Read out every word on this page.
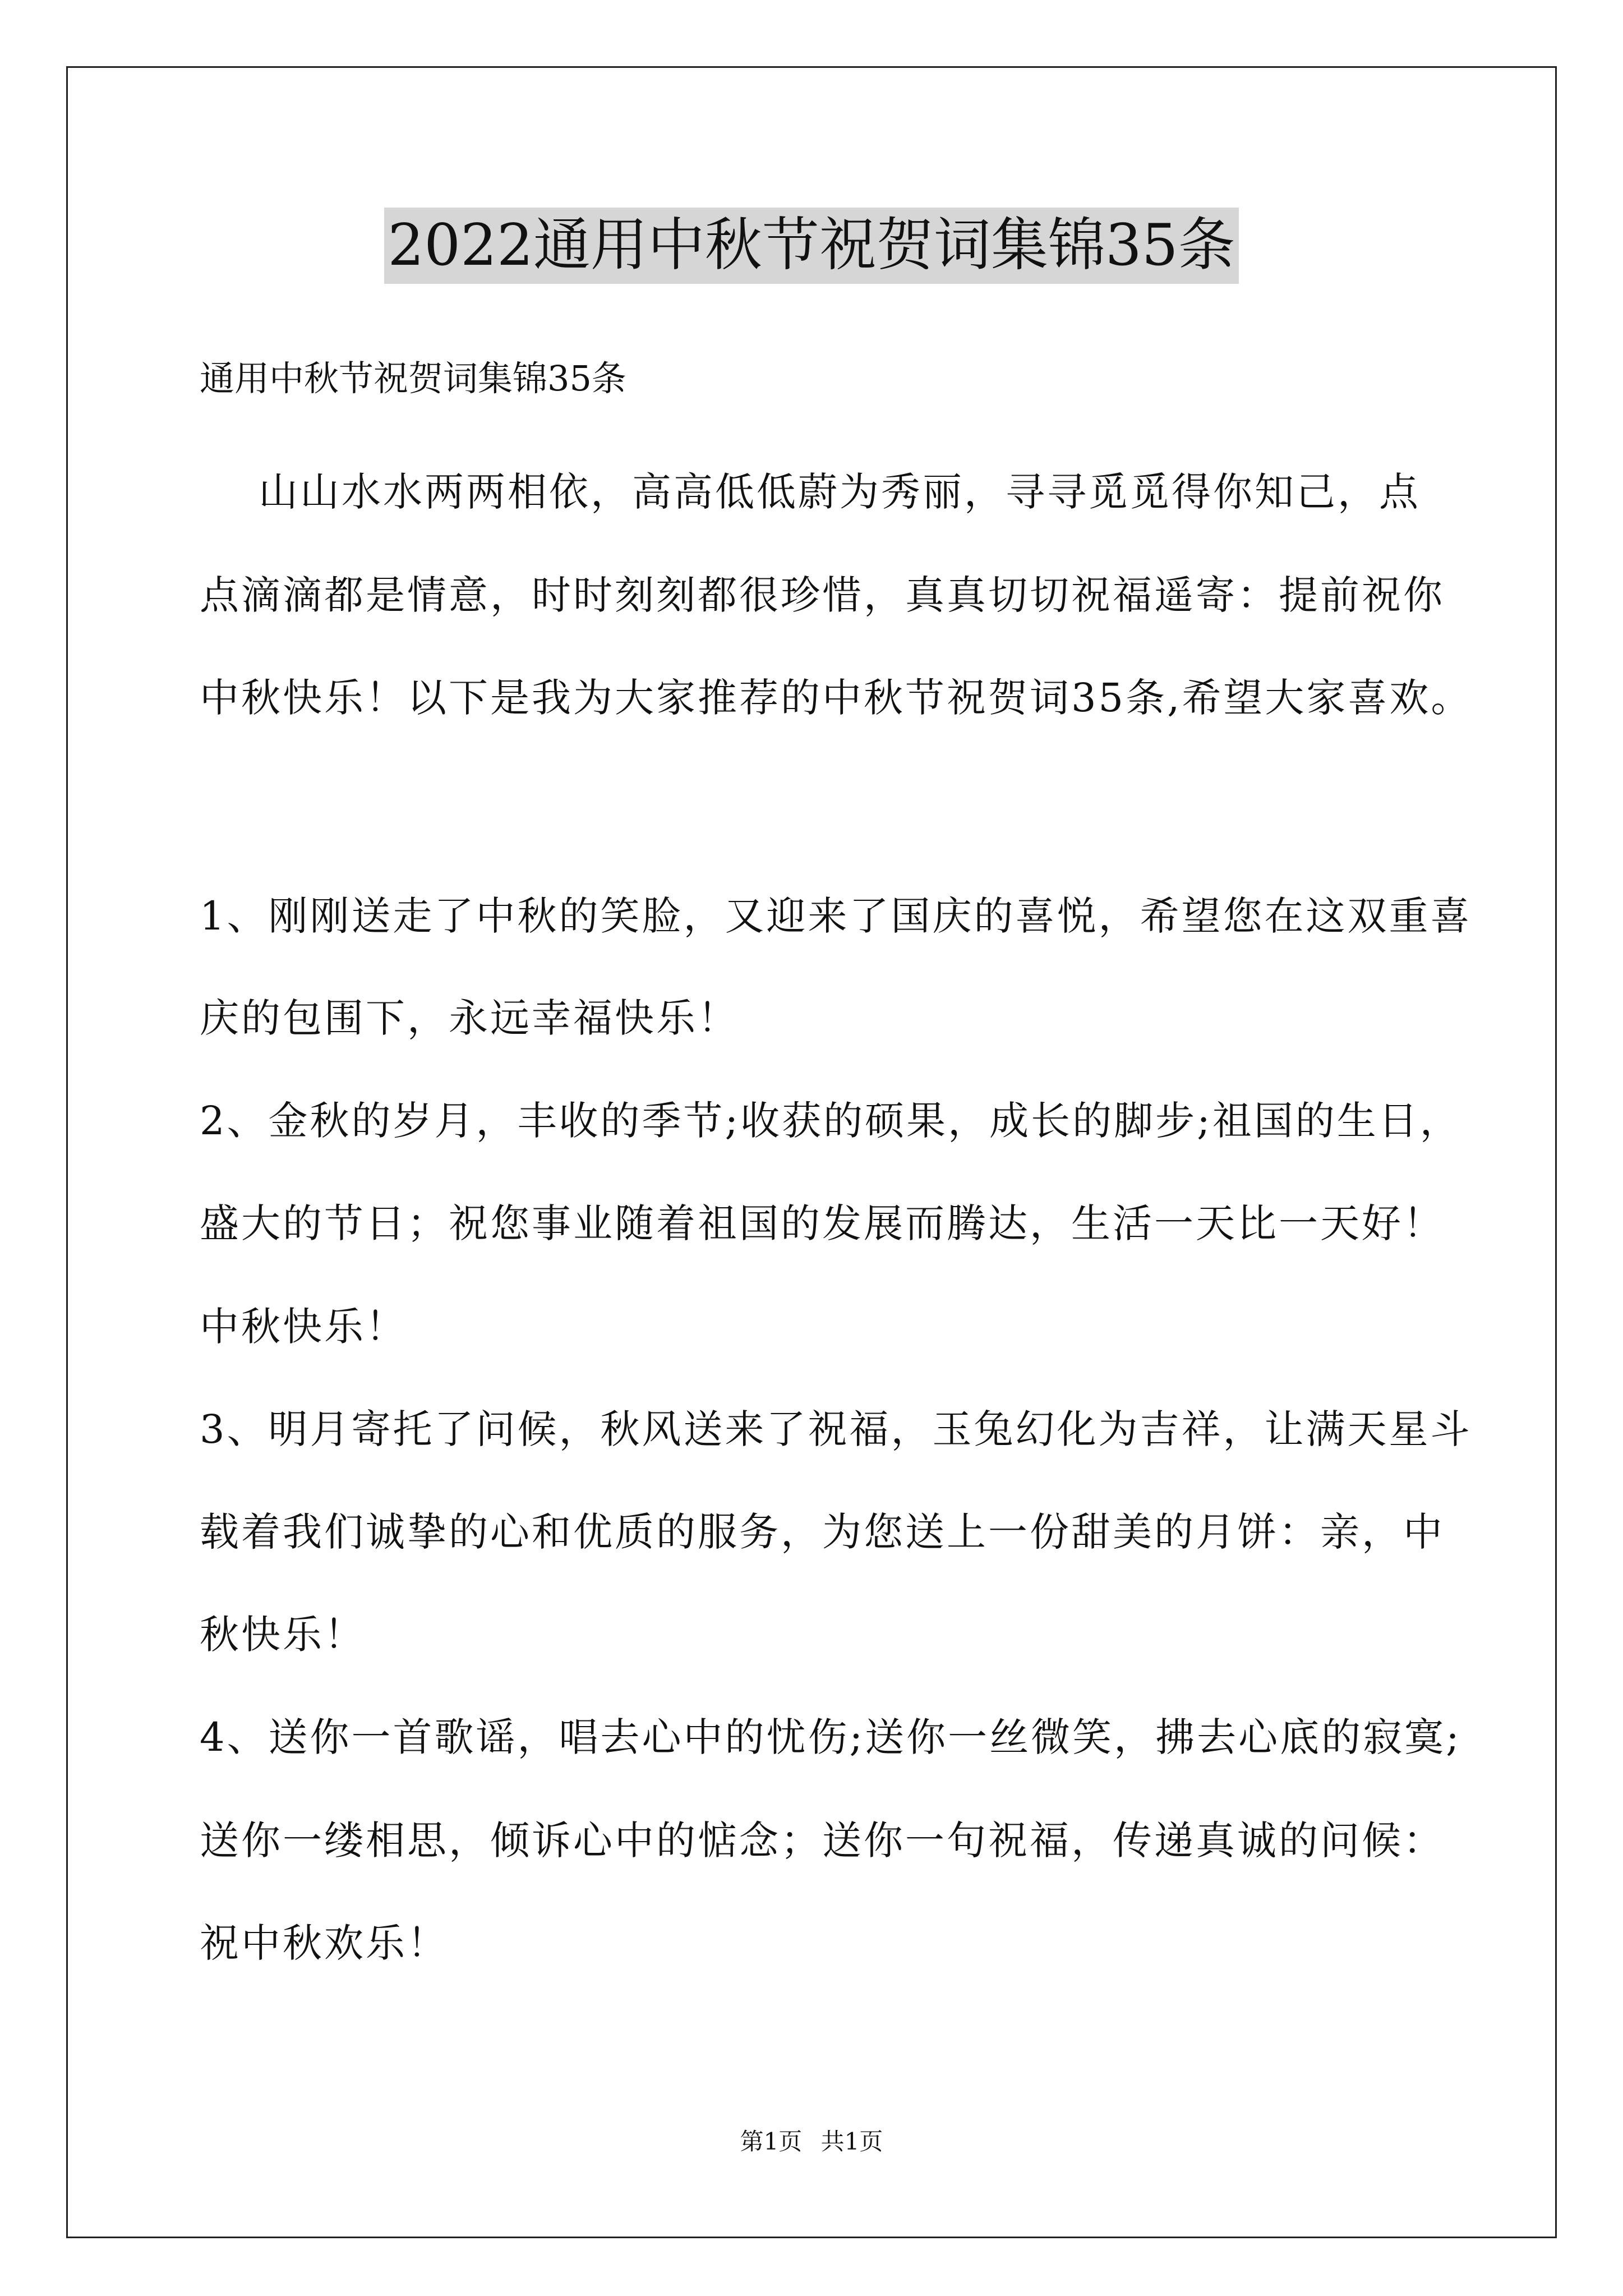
2022通用中秋节祝贺词集锦35条
通用中秋节祝贺词集锦35条
山山水水两两相依，高高低低蔚为秀丽，寻寻觅觅得你知己，点
点滴滴都是情意，时时刻刻都很珍惜，真真切切祝福遥寄：提前祝你
中秋快乐！以下是我为大家推荐的中秋节祝贺词35条,希望大家喜欢。
1、刚刚送走了中秋的笑脸，又迎来了国庆的喜悦，希望您在这双重喜
庆的包围下，永远幸福快乐！
2、金秋的岁月，丰收的季节;收获的硕果，成长的脚步;祖国的生日，
盛大的节日；祝您事业随着祖国的发展而腾达，生活一天比一天好！
中秋快乐！
3、明月寄托了问候，秋风送来了祝福，玉兔幻化为吉祥，让满天星斗
载着我们诚挚的心和优质的服务，为您送上一份甜美的月饼：亲，中
秋快乐！
4、送你一首歌谣，唱去心中的忧伤;送你一丝微笑，拂去心底的寂寞;
送你一缕相思，倾诉心中的惦念；送你一句祝福，传递真诚的问候：
祝中秋欢乐！
第1页 共1页
